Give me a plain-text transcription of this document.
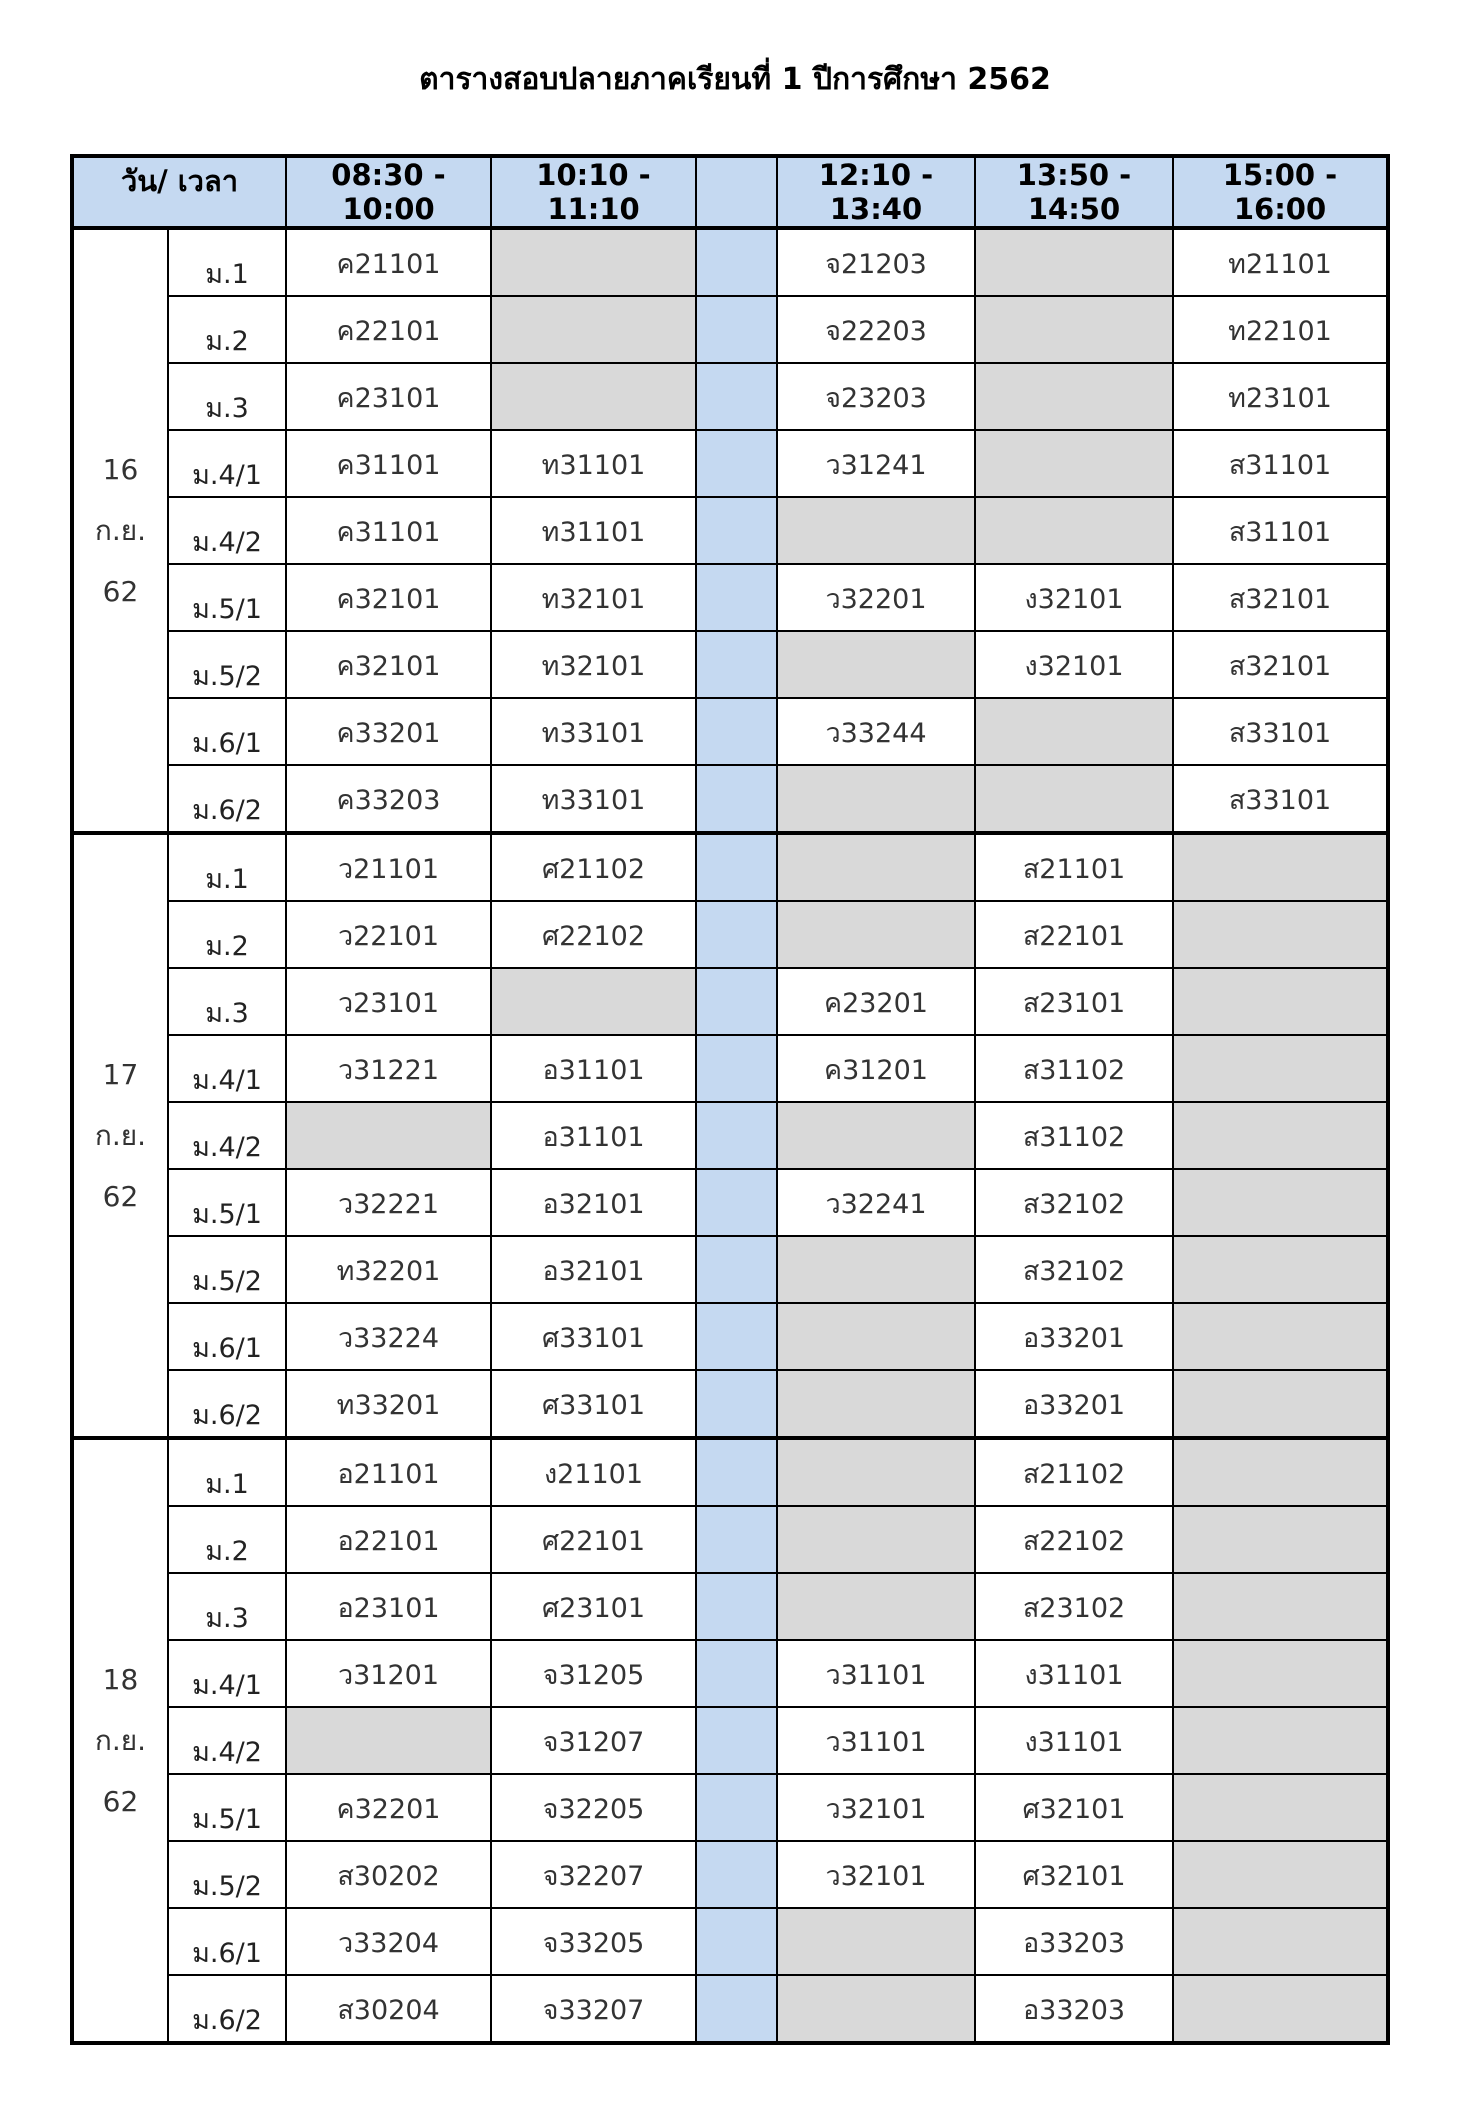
ตารางสอบปลายภาคเรียนที่ 1 ปีการศึกษา 2562
วัน/ เวลา		08:30 - 10:00	10:10 - 11:10		12:10 - 13:40	13:50 - 14:50	15:00 - 16:00

16
ก.ย.
62	ม.1	ค21101			จ21203		ท21101

	ม.2	ค22101			จ22203		ท22101

	ม.3	ค23101			จ23203		ท23101

	ม.4/1	ค31101	ท31101		ว31241		ส31101

	ม.4/2	ค31101	ท31101				ส31101

	ม.5/1	ค32101	ท32101		ว32201	ง32101	ส32101

	ม.5/2	ค32101	ท32101			ง32101	ส32101

	ม.6/1	ค33201	ท33101		ว33244		ส33101

	ม.6/2	ค33203	ท33101				ส33101

17
ก.ย.
62	ม.1	ว21101	ศ21102			ส21101	

	ม.2	ว22101	ศ22102			ส22101	

	ม.3	ว23101			ค23201	ส23101	

	ม.4/1	ว31221	อ31101		ค31201	ส31102	

	ม.4/2		อ31101			ส31102	

	ม.5/1	ว32221	อ32101		ว32241	ส32102	

	ม.5/2	ท32201	อ32101			ส32102	

	ม.6/1	ว33224	ศ33101			อ33201	

	ม.6/2	ท33201	ศ33101			อ33201	

18
ก.ย.
62	ม.1	อ21101	ง21101			ส21102	

	ม.2	อ22101	ศ22101			ส22102	

	ม.3	อ23101	ศ23101			ส23102	

	ม.4/1	ว31201	จ31205		ว31101	ง31101	

	ม.4/2		จ31207		ว31101	ง31101	

	ม.5/1	ค32201	จ32205		ว32101	ศ32101	

	ม.5/2	ส30202	จ32207		ว32101	ศ32101	

	ม.6/1	ว33204	จ33205			อ33203	

	ม.6/2	ส30204	จ33207			อ33203	
